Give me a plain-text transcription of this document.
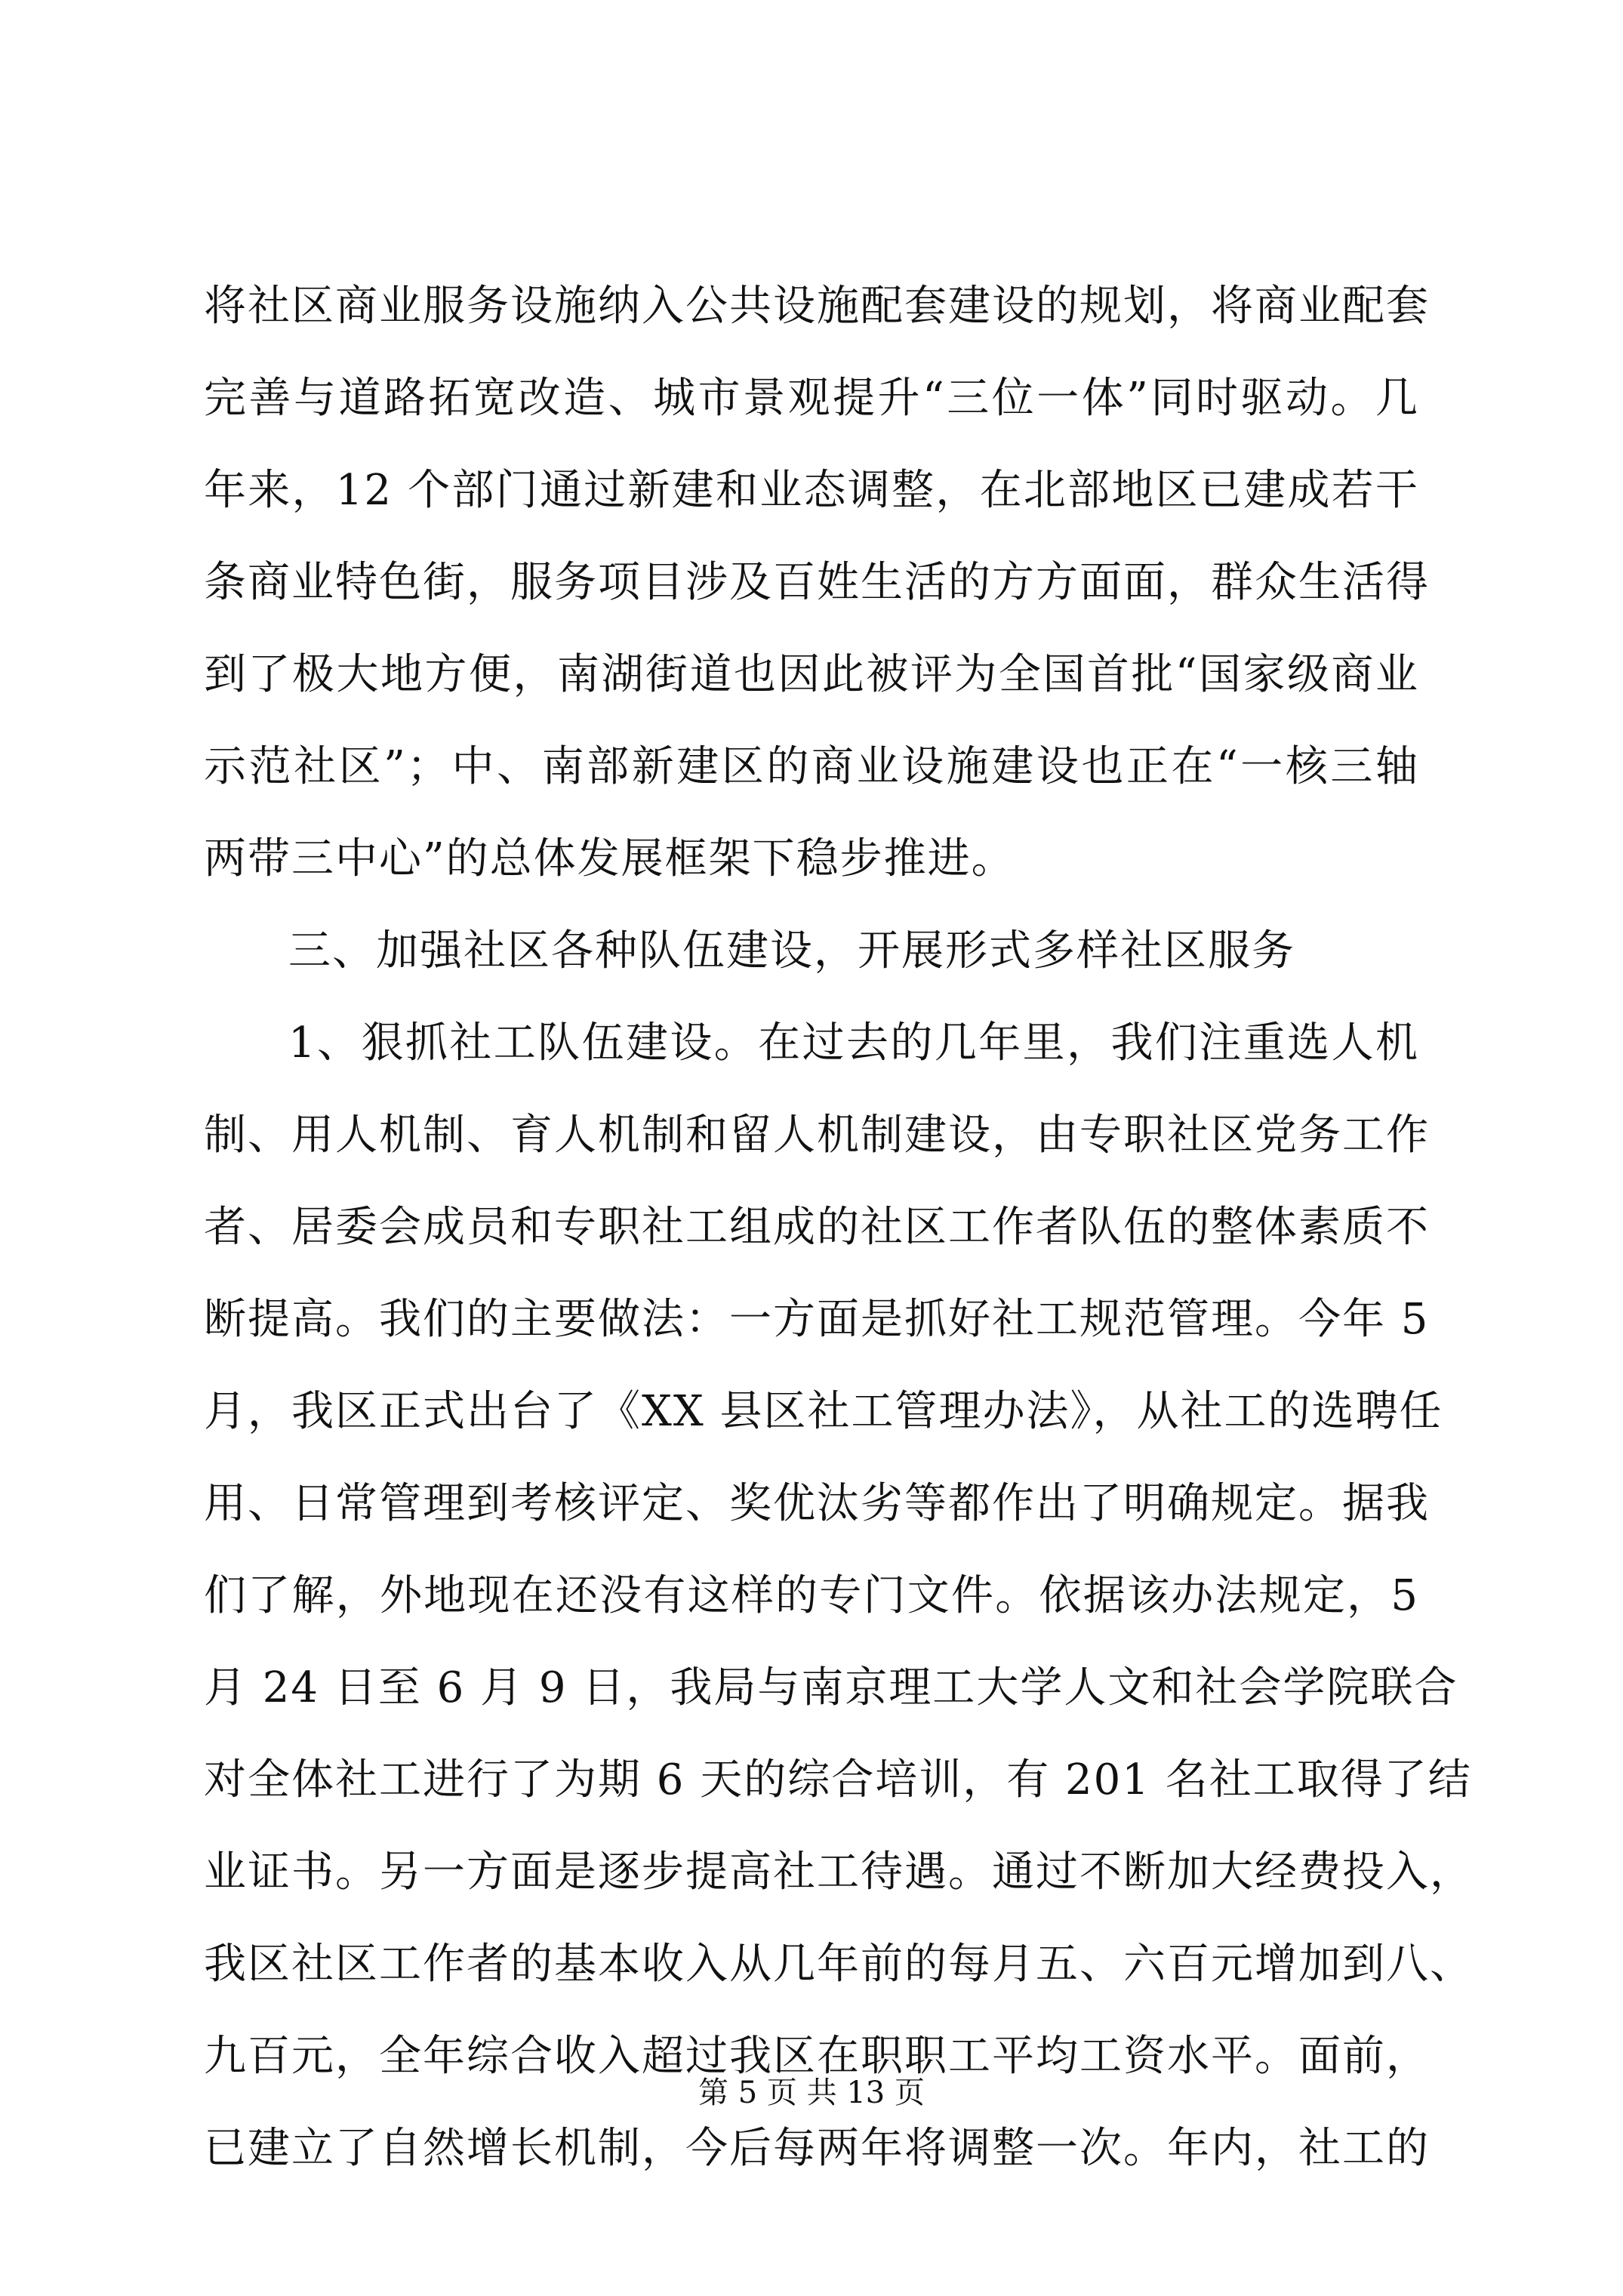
将社区商业服务设施纳入公共设施配套建设的规划，将商业配套
完善与道路拓宽改造、城市景观提升“三位一体”同时驱动。几
年来，12 个部门通过新建和业态调整，在北部地区已建成若干
条商业特色街，服务项目涉及百姓生活的方方面面，群众生活得
到了极大地方便，南湖街道也因此被评为全国首批“国家级商业
示范社区”；中、南部新建区的商业设施建设也正在“一核三轴
两带三中心”的总体发展框架下稳步推进。
三、加强社区各种队伍建设，开展形式多样社区服务
1、狠抓社工队伍建设。在过去的几年里，我们注重选人机
制、用人机制、育人机制和留人机制建设，由专职社区党务工作
者、居委会成员和专职社工组成的社区工作者队伍的整体素质不
断提高。我们的主要做法：一方面是抓好社工规范管理。今年 5
月，我区正式出台了《XX 县区社工管理办法》，从社工的选聘任
用、日常管理到考核评定、奖优汰劣等都作出了明确规定。据我
们了解，外地现在还没有这样的专门文件。依据该办法规定，5
月 24 日至 6 月 9 日，我局与南京理工大学人文和社会学院联合
对全体社工进行了为期 6 天的综合培训，有 201 名社工取得了结
业证书。另一方面是逐步提高社工待遇。通过不断加大经费投入，
我区社区工作者的基本收入从几年前的每月五、六百元增加到八、
九百元，全年综合收入超过我区在职职工平均工资水平。面前，
已建立了自然增长机制，今后每两年将调整一次。年内，社工的
第 5 页 共 13 页
